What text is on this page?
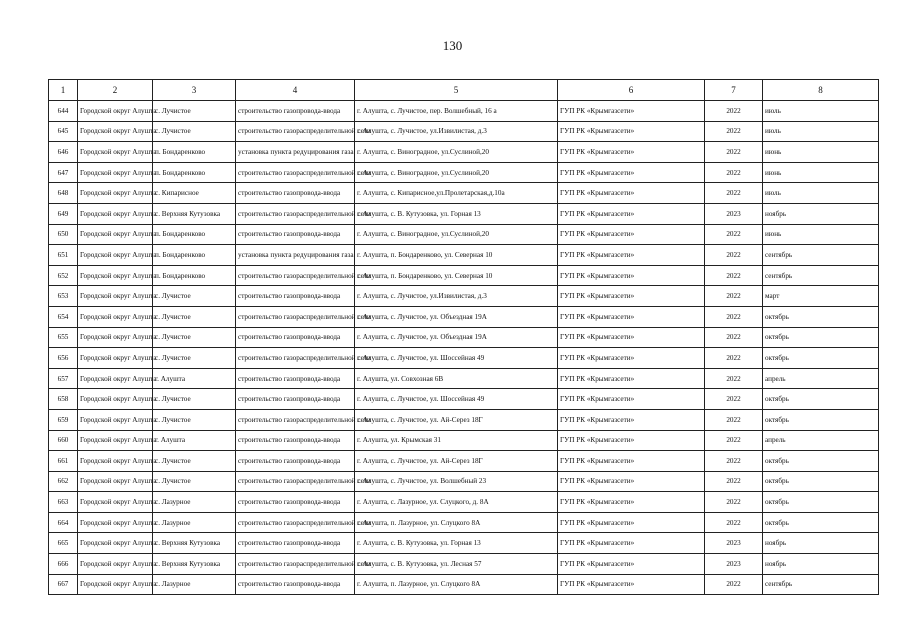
130
1	2	3	4	5	6	7	8
644	Городской округ Алушта	с. Лучистое	строительство газопровода-ввода	г. Алушта, с. Лучистое, пер. Волшебный, 16 а	ГУП РК «Крымгазсети»	2022	июль
645	Городской округ Алушта	с. Лучистое	строительство газораспределительной сети	г. Алушта, с. Лучистое, ул.Извилистая, д.3	ГУП РК «Крымгазсети»	2022	июль
646	Городской округ Алушта	п. Бондаренково	установка пункта редуцирования газа	г. Алушта, с. Виноградное, ул.Суслиной,20	ГУП РК «Крымгазсети»	2022	июнь
647	Городской округ Алушта	п. Бондаренково	строительство газораспределительной сети	г. Алушта, с. Виноградное, ул.Суслиной,20	ГУП РК «Крымгазсети»	2022	июнь
648	Городской округ Алушта	с. Кипарисное	строительство газопровода-ввода	г. Алушта, с. Кипарисное,ул.Пролетарская,д.10а	ГУП РК «Крымгазсети»	2022	июль
649	Городской округ Алушта	с. Верхняя Кутузовка	строительство газораспределительной сети	г. Алушта, с. В. Кутузовка, ул. Горная 13	ГУП РК «Крымгазсети»	2023	ноябрь
650	Городской округ Алушта	п. Бондаренково	строительство газопровода-ввода	г. Алушта, с. Виноградное, ул.Суслиной,20	ГУП РК «Крымгазсети»	2022	июнь
651	Городской округ Алушта	п. Бондаренково	установка пункта редуцирования газа	г. Алушта, п. Бондаренково, ул. Северная 10	ГУП РК «Крымгазсети»	2022	сентябрь
652	Городской округ Алушта	п. Бондаренково	строительство газораспределительной сети	г. Алушта, п. Бондаренково, ул. Северная 10	ГУП РК «Крымгазсети»	2022	сентябрь
653	Городской округ Алушта	с. Лучистое	строительство газопровода-ввода	г. Алушта, с. Лучистое, ул.Извилистая, д.3	ГУП РК «Крымгазсети»	2022	март
654	Городской округ Алушта	с. Лучистое	строительство газораспределительной сети	г. Алушта, с. Лучистое, ул. Объездная 19А	ГУП РК «Крымгазсети»	2022	октябрь
655	Городской округ Алушта	с. Лучистое	строительство газопровода-ввода	г. Алушта, с. Лучистое, ул. Объездная 19А	ГУП РК «Крымгазсети»	2022	октябрь
656	Городской округ Алушта	с. Лучистое	строительство газораспределительной сети	г. Алушта, с. Лучистое, ул. Шоссейная 49	ГУП РК «Крымгазсети»	2022	октябрь
657	Городской округ Алушта	г. Алушта	строительство газопровода-ввода	г. Алушта, ул. Совхозная 6В	ГУП РК «Крымгазсети»	2022	апрель
658	Городской округ Алушта	с. Лучистое	строительство газопровода-ввода	г. Алушта, с. Лучистое, ул. Шоссейная 49	ГУП РК «Крымгазсети»	2022	октябрь
659	Городской округ Алушта	с. Лучистое	строительство газораспределительной сети	г. Алушта, с. Лучистое, ул. Ай-Серез 18Г	ГУП РК «Крымгазсети»	2022	октябрь
660	Городской округ Алушта	г. Алушта	строительство газопровода-ввода	г. Алушта, ул. Крымская 31	ГУП РК «Крымгазсети»	2022	апрель
661	Городской округ Алушта	с. Лучистое	строительство газопровода-ввода	г. Алушта, с. Лучистое, ул. Ай-Серез 18Г	ГУП РК «Крымгазсети»	2022	октябрь
662	Городской округ Алушта	с. Лучистое	строительство газораспределительной сети	г. Алушта, с. Лучистое, ул. Волшебный 23	ГУП РК «Крымгазсети»	2022	октябрь
663	Городской округ Алушта	с. Лазурное	строительство газопровода-ввода	г. Алушта, с. Лазурное, ул. Слуцкого, д. 8А	ГУП РК «Крымгазсети»	2022	октябрь
664	Городской округ Алушта	с. Лазурное	строительство газораспределительной сети	г. Алушта, п. Лазурное, ул. Слуцкого 8А	ГУП РК «Крымгазсети»	2022	октябрь
665	Городской округ Алушта	с. Верхняя Кутузовка	строительство газопровода-ввода	г. Алушта, с. В. Кутузовка, ул. Горная 13	ГУП РК «Крымгазсети»	2023	ноябрь
666	Городской округ Алушта	с. Верхняя Кутузовка	строительство газораспределительной сети	г. Алушта, с. В. Кутузовка, ул. Лесная 57	ГУП РК «Крымгазсети»	2023	ноябрь
667	Городской округ Алушта	с. Лазурное	строительство газопровода-ввода	г. Алушта, п. Лазурное, ул. Слуцкого 8А	ГУП РК «Крымгазсети»	2022	сентябрь
